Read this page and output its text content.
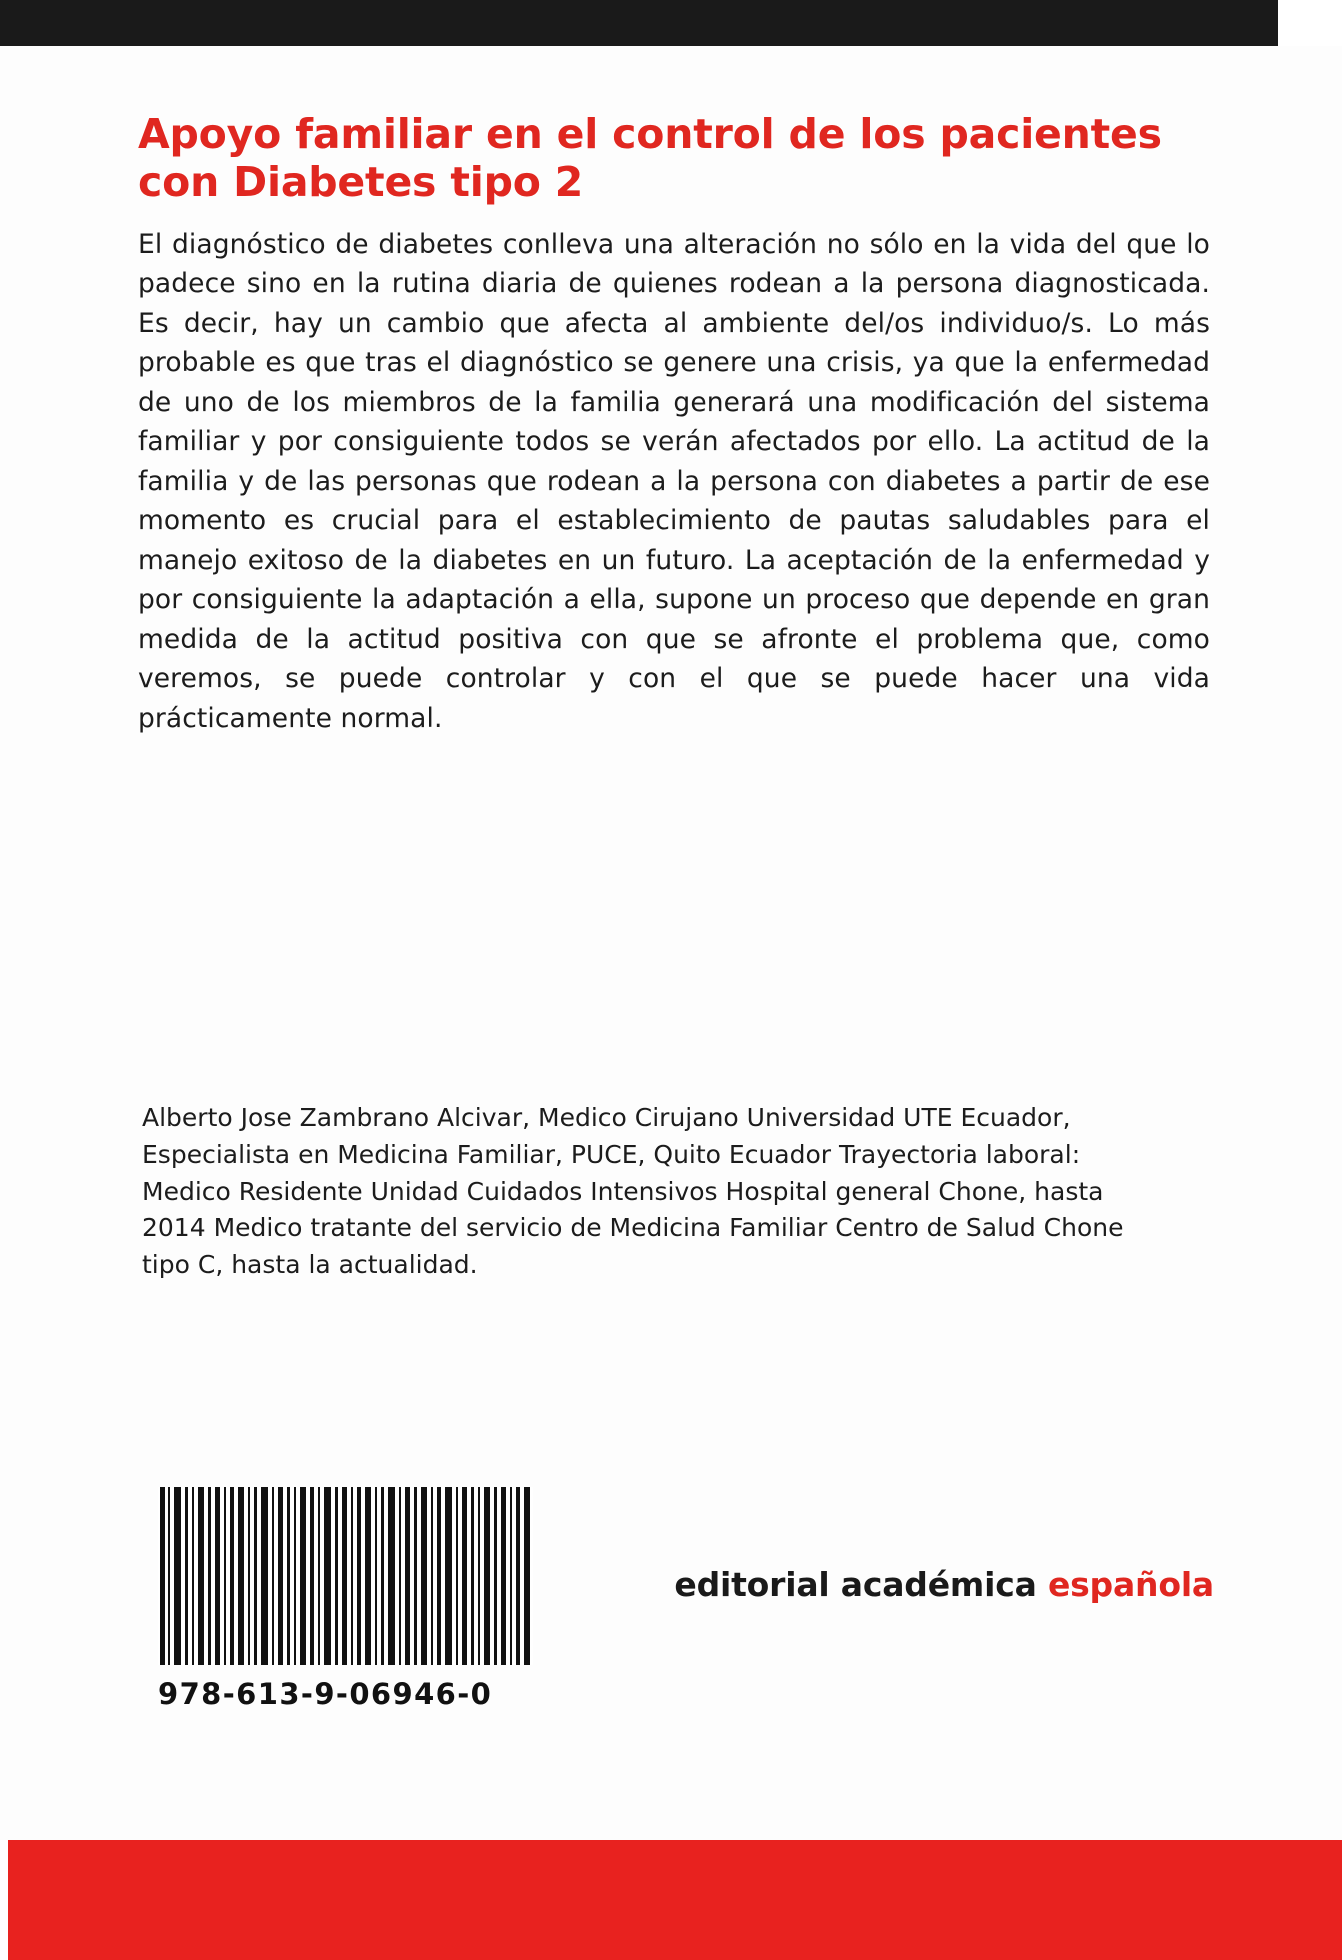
Apoyo familiar en el control de los pacientes con Diabetes tipo 2

El diagnóstico de diabetes conlleva una alteración no sólo en la vida del que lo padece sino en la rutina diaria de quienes rodean a la persona diagnosticada. Es decir, hay un cambio que afecta al ambiente del/os individuo/s. Lo más probable es que tras el diagnóstico se genere una crisis, ya que la enfermedad de uno de los miembros de la familia generará una modificación del sistema familiar y por consiguiente todos se verán afectados por ello. La actitud de la familia y de las personas que rodean a la persona con diabetes a partir de ese momento es crucial para el establecimiento de pautas saludables para el manejo exitoso de la diabetes en un futuro. La aceptación de la enfermedad y por consiguiente la adaptación a ella, supone un proceso que depende en gran medida de la actitud positiva con que se afronte el problema que, como veremos, se puede controlar y con el que se puede hacer una vida prácticamente normal.

Alberto Jose Zambrano Alcivar, Medico Cirujano Universidad UTE Ecuador, Especialista en Medicina Familiar, PUCE, Quito Ecuador Trayectoria laboral: Medico Residente Unidad Cuidados Intensivos Hospital general Chone, hasta 2014 Medico tratante del servicio de Medicina Familiar Centro de Salud Chone tipo C, hasta la actualidad.
978-613-9-06946-0
editorial académica española
